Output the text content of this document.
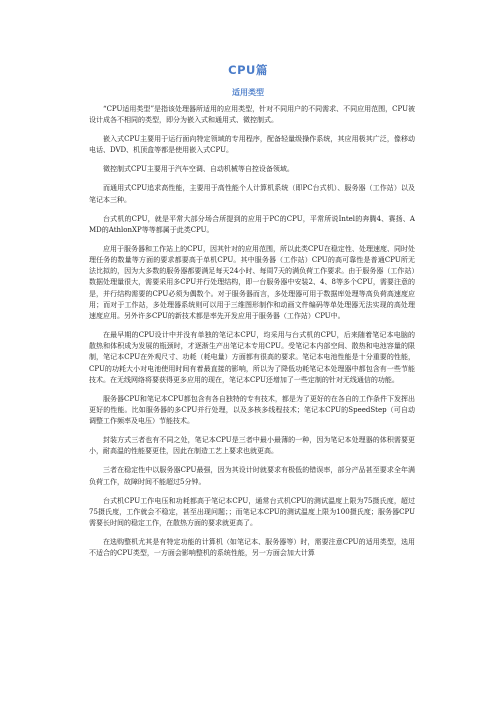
CPU篇
适用类型

“CPU适用类型”是指该处理器所适用的应用类型，针对不同用户的不同需求、不同应用范围，CPU被设计成各不相同的类型，即分为嵌入式和通用式、微控制式。

嵌入式CPU主要用于运行面向特定领域的专用程序，配备轻量级操作系统，其应用极其广泛，像移动电话、DVD、机顶盒等都是使用嵌入式CPU。

微控制式CPU主要用于汽车空调、自动机械等自控设备领域。

而通用式CPU追求高性能，主要用于高性能个人计算机系统（即PC台式机）、服务器（工作站）以及笔记本三种。

台式机的CPU，就是平常大部分场合所提到的应用于PC的CPU，平常所说Intel的奔腾4、赛扬、AMD的AthlonXP等等都属于此类CPU。

应用于服务器和工作站上的CPU，因其针对的应用范围，所以此类CPU在稳定性、处理速度、同时处理任务的数量等方面的要求都要高于单机CPU。其中服务器（工作站）CPU的高可靠性是普通CPU所无法比拟的，因为大多数的服务器都要满足每天24小时、每周7天的满负荷工作要求。由于服务器（工作站）数据处理量很大，需要采用多CPU并行处理结构，即一台服务器中安装2、4、8等多个CPU，需要注意的是，并行结构需要的CPU必须为偶数个。对于服务器而言，多处理器可用于数据库处理等高负荷高速度应用；而对于工作站，多处理器系统则可以用于三维图形制作和动画文件编码等单处理器无法实现的高处理速度应用。另外许多CPU的新技术都是率先开发应用于服务器（工作站）CPU中。

在最早期的CPU设计中并没有单独的笔记本CPU，均采用与台式机的CPU，后来随着笔记本电脑的散热和体积成为发展的瓶颈时，才逐渐生产出笔记本专用CPU。受笔记本内部空间、散热和电池容量的限制，笔记本CPU在外观尺寸、功耗（耗电量）方面都有很高的要求。笔记本电池性能是十分重要的性能，CPU的功耗大小对电池使用时间有着最直接的影响，所以为了降低功耗笔记本处理器中都包含有一些节能技术。在无线网络将要获得更多应用的现在，笔记本CPU还增加了一些定制的针对无线通信的功能。

服务器CPU和笔记本CPU都包含有各自独特的专有技术，都是为了更好的在各自的工作条件下发挥出更好的性能。比如服务器的多CPU并行处理，以及多核多线程技术；笔记本CPU的SpeedStep（可自动调整工作频率及电压）节能技术。

封装方式三者也有不同之处，笔记本CPU是三者中最小最薄的一种，因为笔记本处理器的体积需要更小，耐高温的性能要更佳，因此在制造工艺上要求也就更高。

三者在稳定性中以服务器CPU最强，因为其设计时就要求有极低的错误率，部分产品甚至要求全年满负荷工作，故障时间不能超过5分钟。

台式机CPU工作电压和功耗都高于笔记本CPU，通常台式机CPU的测试温度上限为75摄氏度，超过75摄氏度，工作就会不稳定，甚至出现问题；；而笔记本CPU的测试温度上限为100摄氏度；服务器CPU需要长时间的稳定工作，在散热方面的要求就更高了。

在选购整机尤其是有特定功能的计算机（如笔记本、服务器等）时，需要注意CPU的适用类型，选用不适合的CPU类型，一方面会影响整机的系统性能，另一方面会加大计算
